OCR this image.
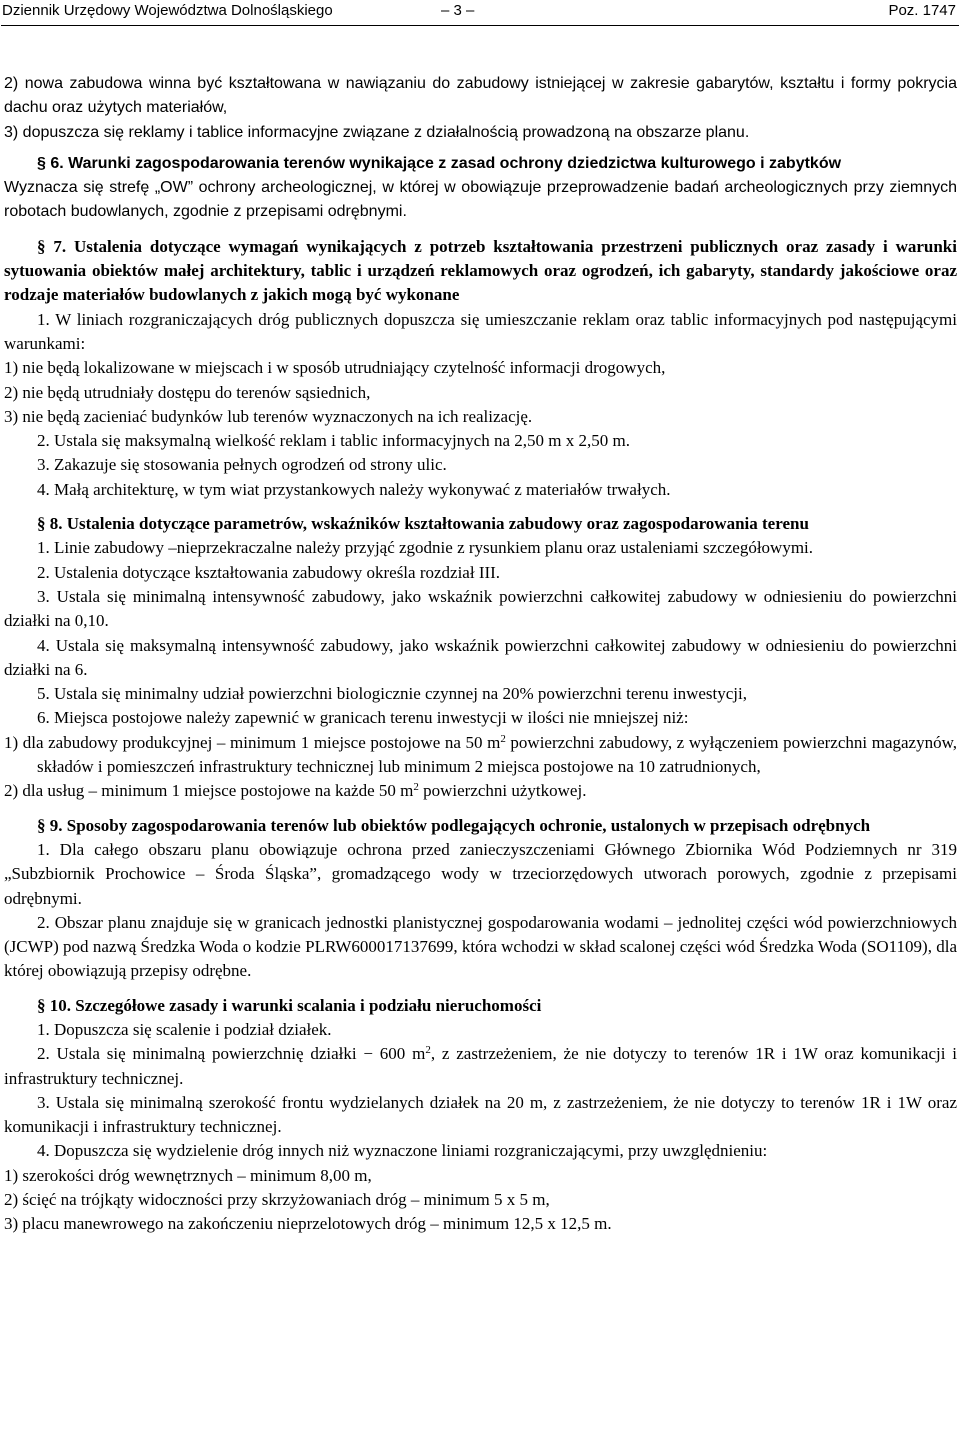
Dziennik Urzędowy Województwa Dolnośląskiego	– 3 –	Poz. 1747

2) nowa zabudowa winna być kształtowana w nawiązaniu do zabudowy istniejącej w zakresie gabarytów, kształtu i formy pokrycia dachu oraz użytych materiałów,

3) dopuszcza się reklamy i tablice informacyjne związane z działalnością prowadzoną na obszarze planu.

§ 6. Warunki zagospodarowania terenów wynikające z zasad ochrony dziedzictwa kulturowego i zabytków

Wyznacza się strefę „OW” ochrony archeologicznej, w której w obowiązuje przeprowadzenie badań archeologicznych przy ziemnych robotach budowlanych, zgodnie z przepisami odrębnymi.

§ 7. Ustalenia dotyczące wymagań wynikających z potrzeb kształtowania przestrzeni publicznych oraz zasady i warunki sytuowania obiektów małej architektury, tablic i urządzeń reklamowych oraz ogrodzeń, ich gabaryty, standardy jakościowe oraz rodzaje materiałów budowlanych z jakich mogą być wykonane

1. W liniach rozgraniczających dróg publicznych dopuszcza się umieszczanie reklam oraz tablic informacyjnych pod następującymi warunkami:

1) nie będą lokalizowane w miejscach i w sposób utrudniający czytelność informacji drogowych,

2) nie będą utrudniały dostępu do terenów sąsiednich,

3) nie będą zacieniać budynków lub terenów wyznaczonych na ich realizację.

2. Ustala się maksymalną wielkość reklam i tablic informacyjnych na 2,50 m x 2,50 m.

3. Zakazuje się stosowania pełnych ogrodzeń od strony ulic.

4. Małą architekturę, w tym wiat przystankowych należy wykonywać z materiałów trwałych.

§ 8. Ustalenia dotyczące parametrów, wskaźników kształtowania zabudowy oraz zagospodarowania terenu

1. Linie zabudowy –nieprzekraczalne należy przyjąć zgodnie z rysunkiem planu oraz ustaleniami szczegółowymi.

2. Ustalenia dotyczące kształtowania zabudowy określa rozdział III.

3. Ustala się minimalną intensywność zabudowy, jako wskaźnik powierzchni całkowitej zabudowy w odniesieniu do powierzchni działki na 0,10.

4. Ustala się maksymalną intensywność zabudowy, jako wskaźnik powierzchni całkowitej zabudowy w odniesieniu do powierzchni działki na 6.

5. Ustala się minimalny udział powierzchni biologicznie czynnej na 20% powierzchni terenu inwestycji,

6. Miejsca postojowe należy zapewnić w granicach terenu inwestycji w ilości nie mniejszej niż:

1) dla zabudowy produkcyjnej – minimum 1 miejsce postojowe na 50 $m^2$ powierzchni zabudowy, z wyłączeniem powierzchni magazynów, składów i pomieszczeń infrastruktury technicznej lub minimum 2 miejsca postojowe na 10 zatrudnionych,

2) dla usług – minimum 1 miejsce postojowe na każde 50 $m^2$ powierzchni użytkowej.

§ 9. Sposoby zagospodarowania terenów lub obiektów podlegających ochronie, ustalonych w przepisach odrębnych

1. Dla całego obszaru planu obowiązuje ochrona przed zanieczyszczeniami Głównego Zbiornika Wód Podziemnych nr 319 „Subzbiornik Prochowice – Środa Śląska”, gromadzącego wody w trzeciorzędowych utworach porowych, zgodnie z przepisami odrębnymi.

2. Obszar planu znajduje się w granicach jednostki planistycznej gospodarowania wodami – jednolitej części wód powierzchniowych (JCWP) pod nazwą Średzka Woda o kodzie PLRW600017137699, która wchodzi w skład scalonej części wód Średzka Woda (SO1109), dla której obowiązują przepisy odrębne.

§ 10. Szczegółowe zasady i warunki scalania i podziału nieruchomości

1. Dopuszcza się scalenie i podział działek.

2. Ustala się minimalną powierzchnię działki − 600 $m^2$, z zastrzeżeniem, że nie dotyczy to terenów 1R i 1W oraz komunikacji i infrastruktury technicznej.

3. Ustala się minimalną szerokość frontu wydzielanych działek na 20 m, z zastrzeżeniem, że nie dotyczy to terenów 1R i 1W oraz komunikacji i infrastruktury technicznej.

4. Dopuszcza się wydzielenie dróg innych niż wyznaczone liniami rozgraniczającymi, przy uwzględnieniu:

1) szerokości dróg wewnętrznych – minimum 8,00 m,

2) ścięć na trójkąty widoczności przy skrzyżowaniach dróg – minimum 5 x 5 m,

3) placu manewrowego na zakończeniu nieprzelotowych dróg – minimum 12,5 x 12,5 m.
